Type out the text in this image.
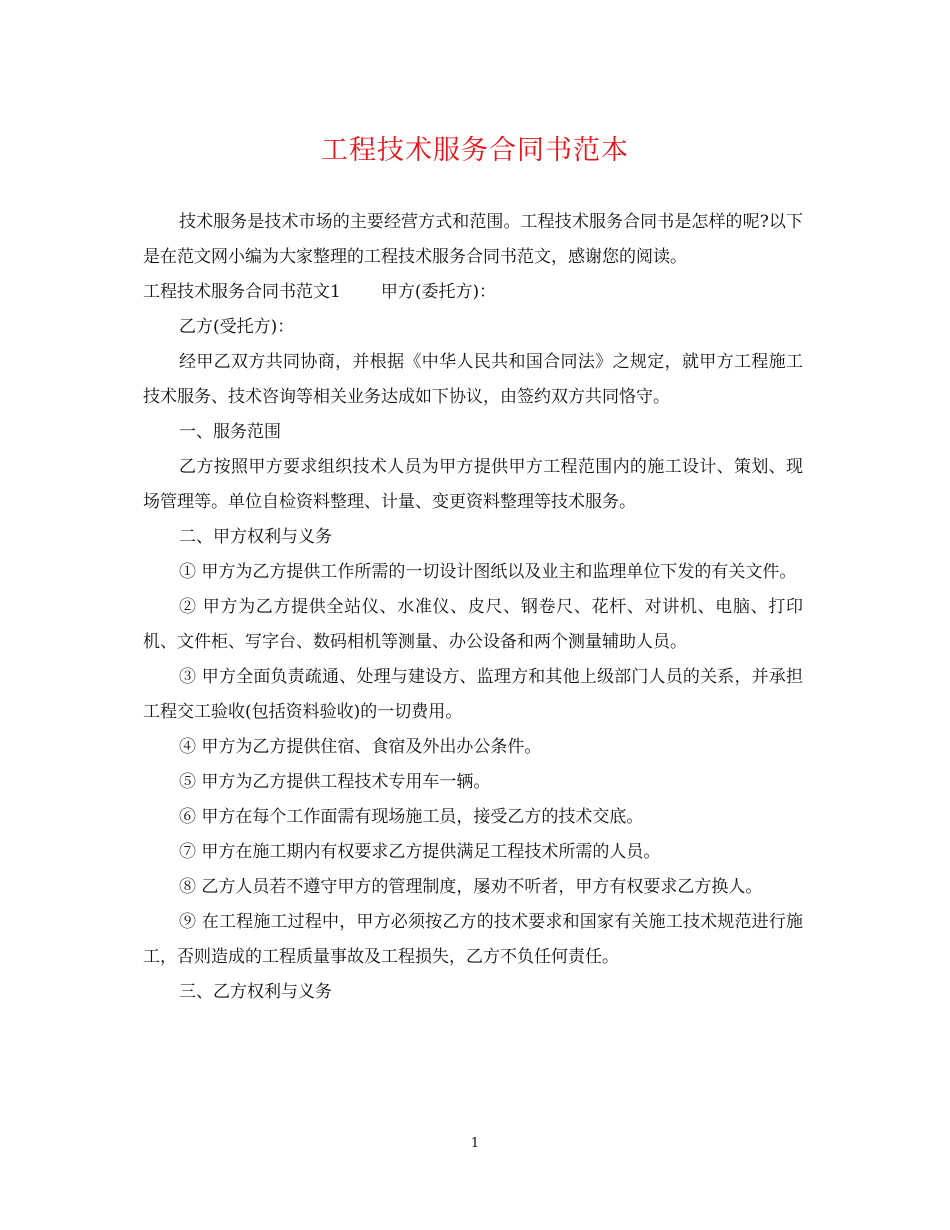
工程技术服务合同书范本

技术服务是技术市场的主要经营方式和范围。工程技术服务合同书是怎样的呢?以下是在范文网小编为大家整理的工程技术服务合同书范文，感谢您的阅读。
工程技术服务合同书范文1 甲方(委托方)：

乙方(受托方)：

经甲乙双方共同协商，并根据《中华人民共和国合同法》之规定，就甲方工程施工技术服务、技术咨询等相关业务达成如下协议，由签约双方共同恪守。

一、服务范围

乙方按照甲方要求组织技术人员为甲方提供甲方工程范围内的施工设计、策划、现场管理等。单位自检资料整理、计量、变更资料整理等技术服务。

二、甲方权利与义务

① 甲方为乙方提供工作所需的一切设计图纸以及业主和监理单位下发的有关文件。

② 甲方为乙方提供全站仪、水准仪、皮尺、钢卷尺、花杆、对讲机、电脑、打印机、文件柜、写字台、数码相机等测量、办公设备和两个测量辅助人员。

③ 甲方全面负责疏通、处理与建设方、监理方和其他上级部门人员的关系，并承担工程交工验收(包括资料验收)的一切费用。

④ 甲方为乙方提供住宿、食宿及外出办公条件。

⑤ 甲方为乙方提供工程技术专用车一辆。

⑥ 甲方在每个工作面需有现场施工员，接受乙方的技术交底。

⑦ 甲方在施工期内有权要求乙方提供满足工程技术所需的人员。

⑧ 乙方人员若不遵守甲方的管理制度，屡劝不听者，甲方有权要求乙方换人。

⑨ 在工程施工过程中，甲方必须按乙方的技术要求和国家有关施工技术规范进行施工，否则造成的工程质量事故及工程损失，乙方不负任何责任。

三、乙方权利与义务

1
